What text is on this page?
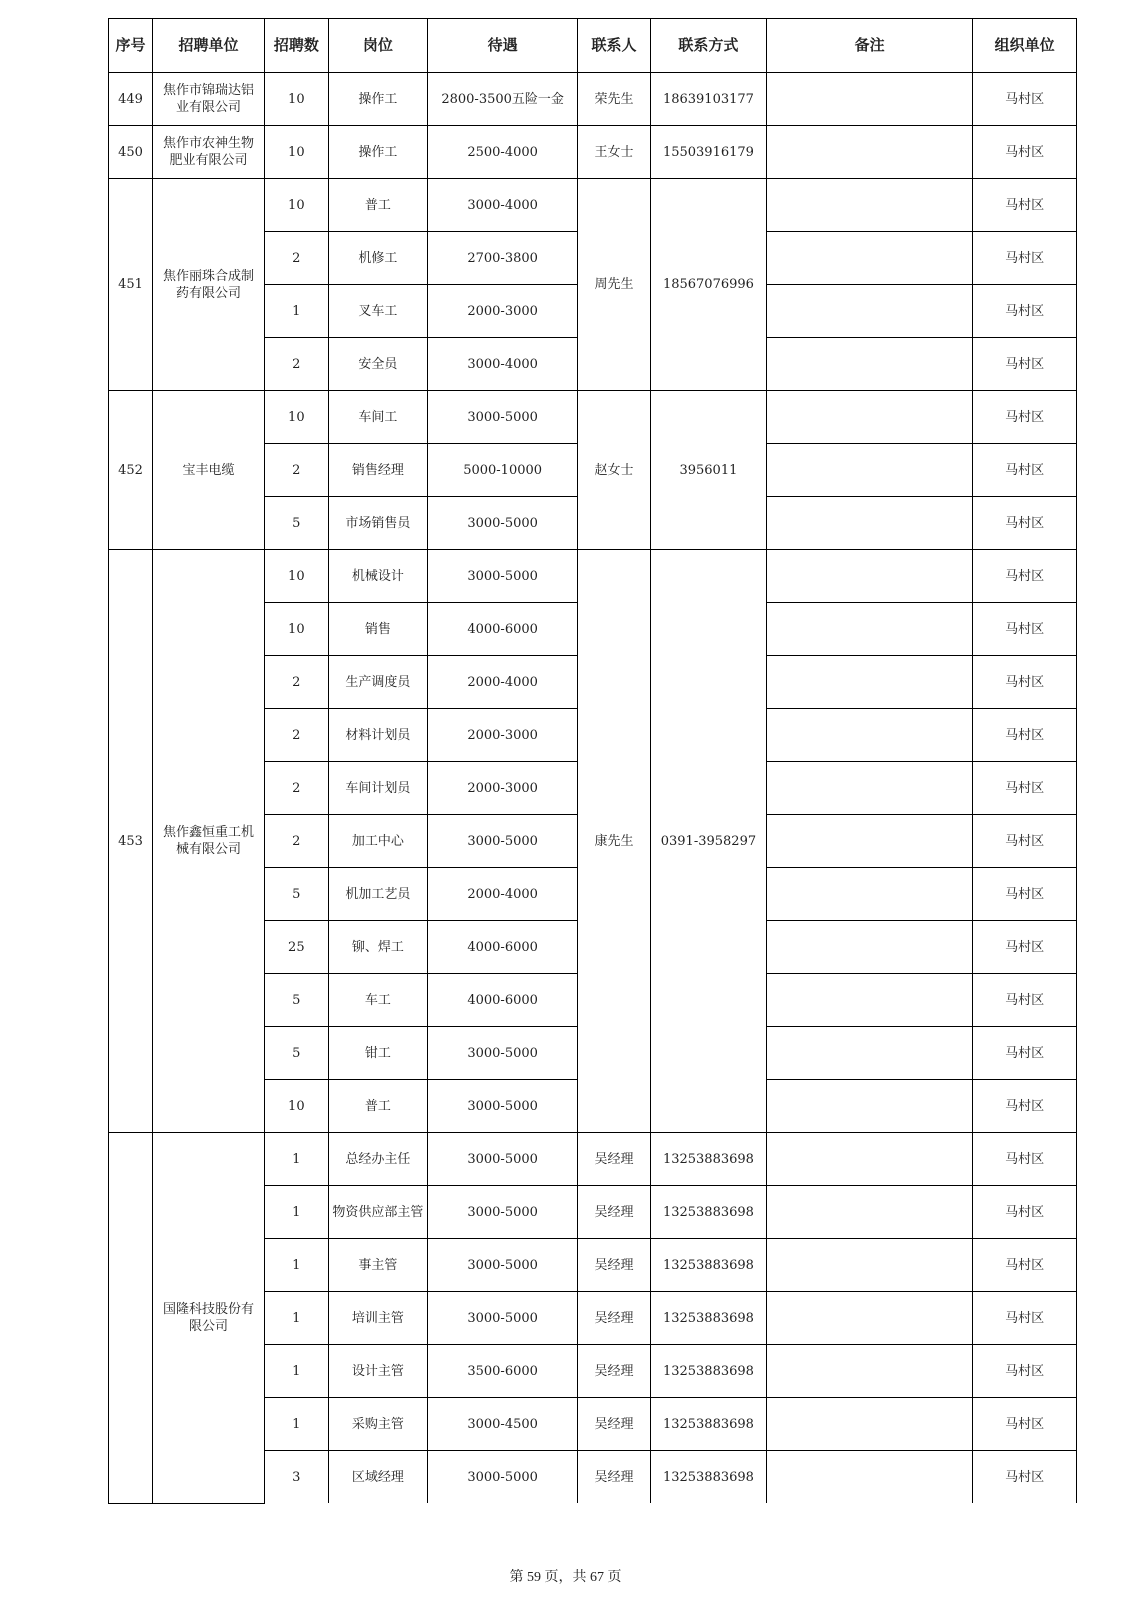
序号	招聘单位	招聘数	岗位	待遇	联系人	联系方式	备注	组织单位
449	焦作市锦瑞达铝业有限公司	10	操作工	2800-3500五险一金	荣先生	18639103177		马村区
450	焦作市农神生物肥业有限公司	10	操作工	2500-4000	王女士	15503916179		马村区
451	焦作丽珠合成制药有限公司	10	普工	3000-4000	周先生	18567076996		马村区
		2	机修工	2700-3800				马村区
		1	叉车工	2000-3000				马村区
		2	安全员	3000-4000				马村区
452	宝丰电缆	10	车间工	3000-5000	赵女士	3956011		马村区
		2	销售经理	5000-10000				马村区
		5	市场销售员	3000-5000				马村区
453	焦作鑫恒重工机械有限公司	10	机械设计	3000-5000	康先生	0391-3958297		马村区
		10	销售	4000-6000				马村区
		2	生产调度员	2000-4000				马村区
		2	材料计划员	2000-3000				马村区
		2	车间计划员	2000-3000				马村区
		2	加工中心	3000-5000				马村区
		5	机加工艺员	2000-4000				马村区
		25	铆、焊工	4000-6000				马村区
		5	车工	4000-6000				马村区
		5	钳工	3000-5000				马村区
		10	普工	3000-5000				马村区
	国隆科技股份有限公司	1	总经办主任	3000-5000	吴经理	13253883698		马村区
		1	物资供应部主管	3000-5000	吴经理	13253883698		马村区
		1	事主管	3000-5000	吴经理	13253883698		马村区
		1	培训主管	3000-5000	吴经理	13253883698		马村区
		1	设计主管	3500-6000	吴经理	13253883698		马村区
		1	采购主管	3000-4500	吴经理	13253883698		马村区
		3	区域经理	3000-5000	吴经理	13253883698		马村区
第 59 页，共 67 页
